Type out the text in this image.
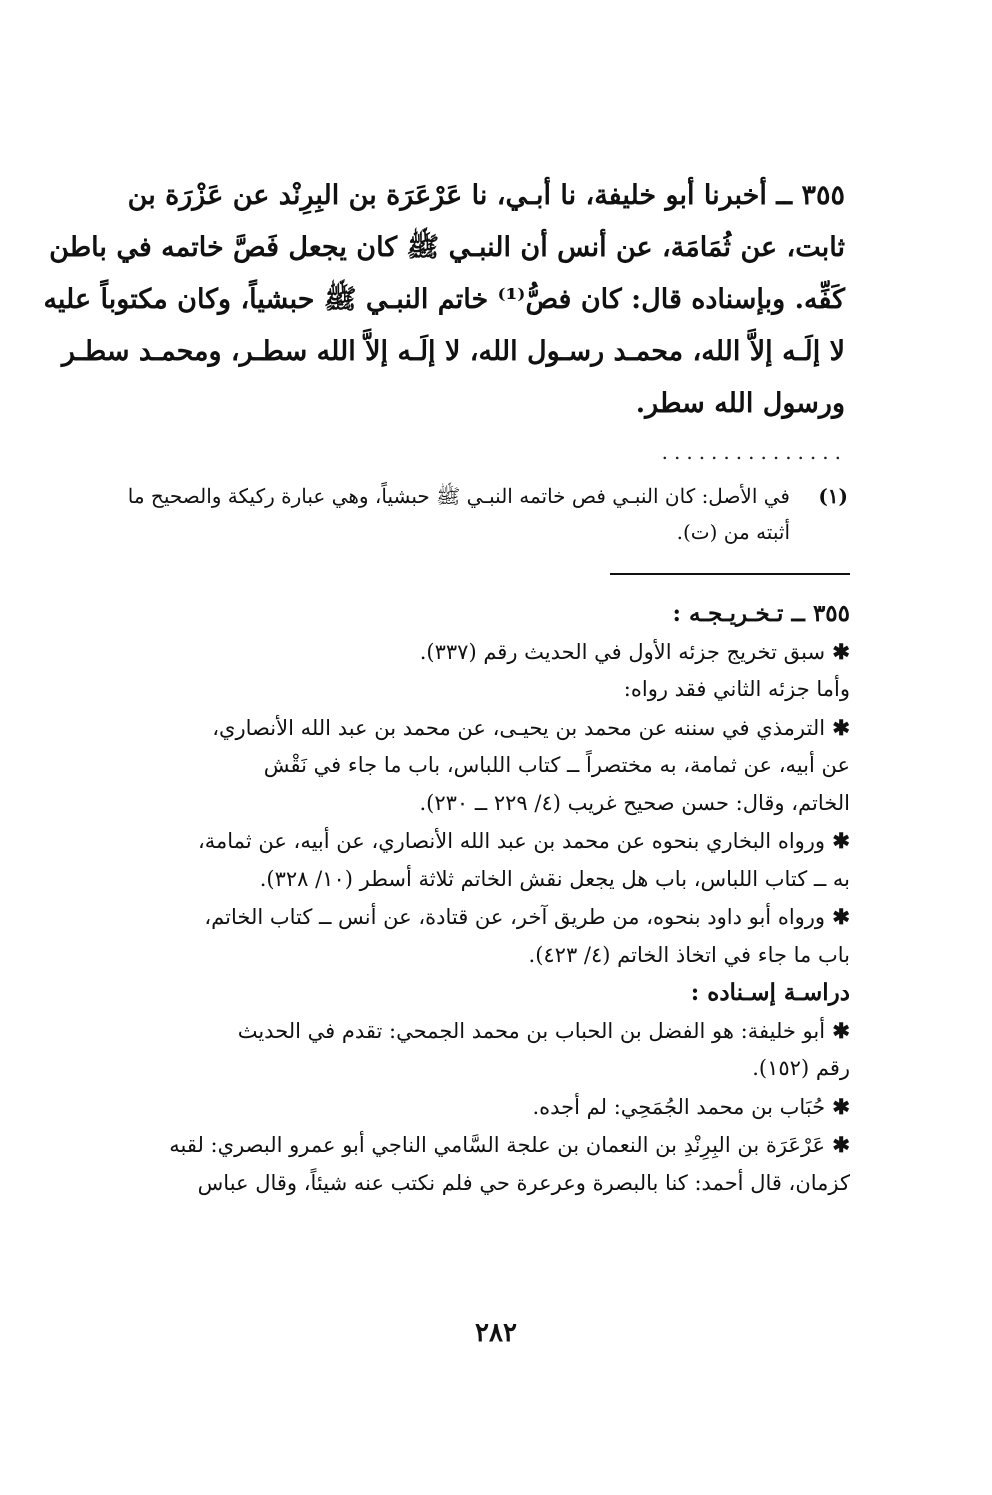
٣٥٥ ــ أخبرنا أبو خليفة، نا أبـي، نا عَرْعَرَة بن البِرِنْد عن عَزْرَة بن
ثابت، عن ثُمَامَة، عن أنس أن النبـي ﷺ كان يجعل فَصَّ خاتمه في باطن
كَفِّه. وبإسناده قال: كان فصُّ⁽¹⁾ خاتم النبـي ﷺ حبشياً، وكان مكتوباً عليه
لا إلَـه إلاَّ الله، محمـد رسـول الله، لا إلَـه إلاَّ الله سطـر، ومحمـد سطـر
ورسول الله سطر.
...............
(١)
في الأصل: كان النبـي فص خاتمه النبـي ﷺ حبشياً، وهي عبارة ركيكة والصحيح ما
أثبته من (ت).
٣٥٥ ــ تـخـريـجـه :
✱ سبق تخريج جزئه الأول في الحديث رقم (٣٣٧).
وأما جزئه الثاني فقد رواه:
✱ الترمذي في سننه عن محمد بن يحيـى، عن محمد بن عبد الله الأنصاري،
عن أبيه، عن ثمامة، به مختصراً ــ كتاب اللباس، باب ما جاء في نَقْش
الخاتم، وقال: حسن صحيح غريب (٤/ ٢٢٩ ــ ٢٣٠).
✱ ورواه البخاري بنحوه عن محمد بن عبد الله الأنصاري، عن أبيه، عن ثمامة،
به ــ كتاب اللباس، باب هل يجعل نقش الخاتم ثلاثة أسطر (١٠/ ٣٢٨).
✱ ورواه أبو داود بنحوه، من طريق آخر، عن قتادة، عن أنس ــ كتاب الخاتم،
باب ما جاء في اتخاذ الخاتم (٤/ ٤٢٣).
دراسـة إسـناده :
✱ أبو خليفة: هو الفضل بن الحباب بن محمد الجمحي: تقدم في الحديث
رقم (١٥٢).
✱ حُبَاب بن محمد الجُمَحِي: لم أجده.
✱ عَرْعَرَة بن البِرِنْدِ بن النعمان بن علجة السَّامي الناجي أبو عمرو البصري: لقبه
كزمان، قال أحمد: كنا بالبصرة وعرعرة حي فلم نكتب عنه شيئاً، وقال عباس
٢٨٢
